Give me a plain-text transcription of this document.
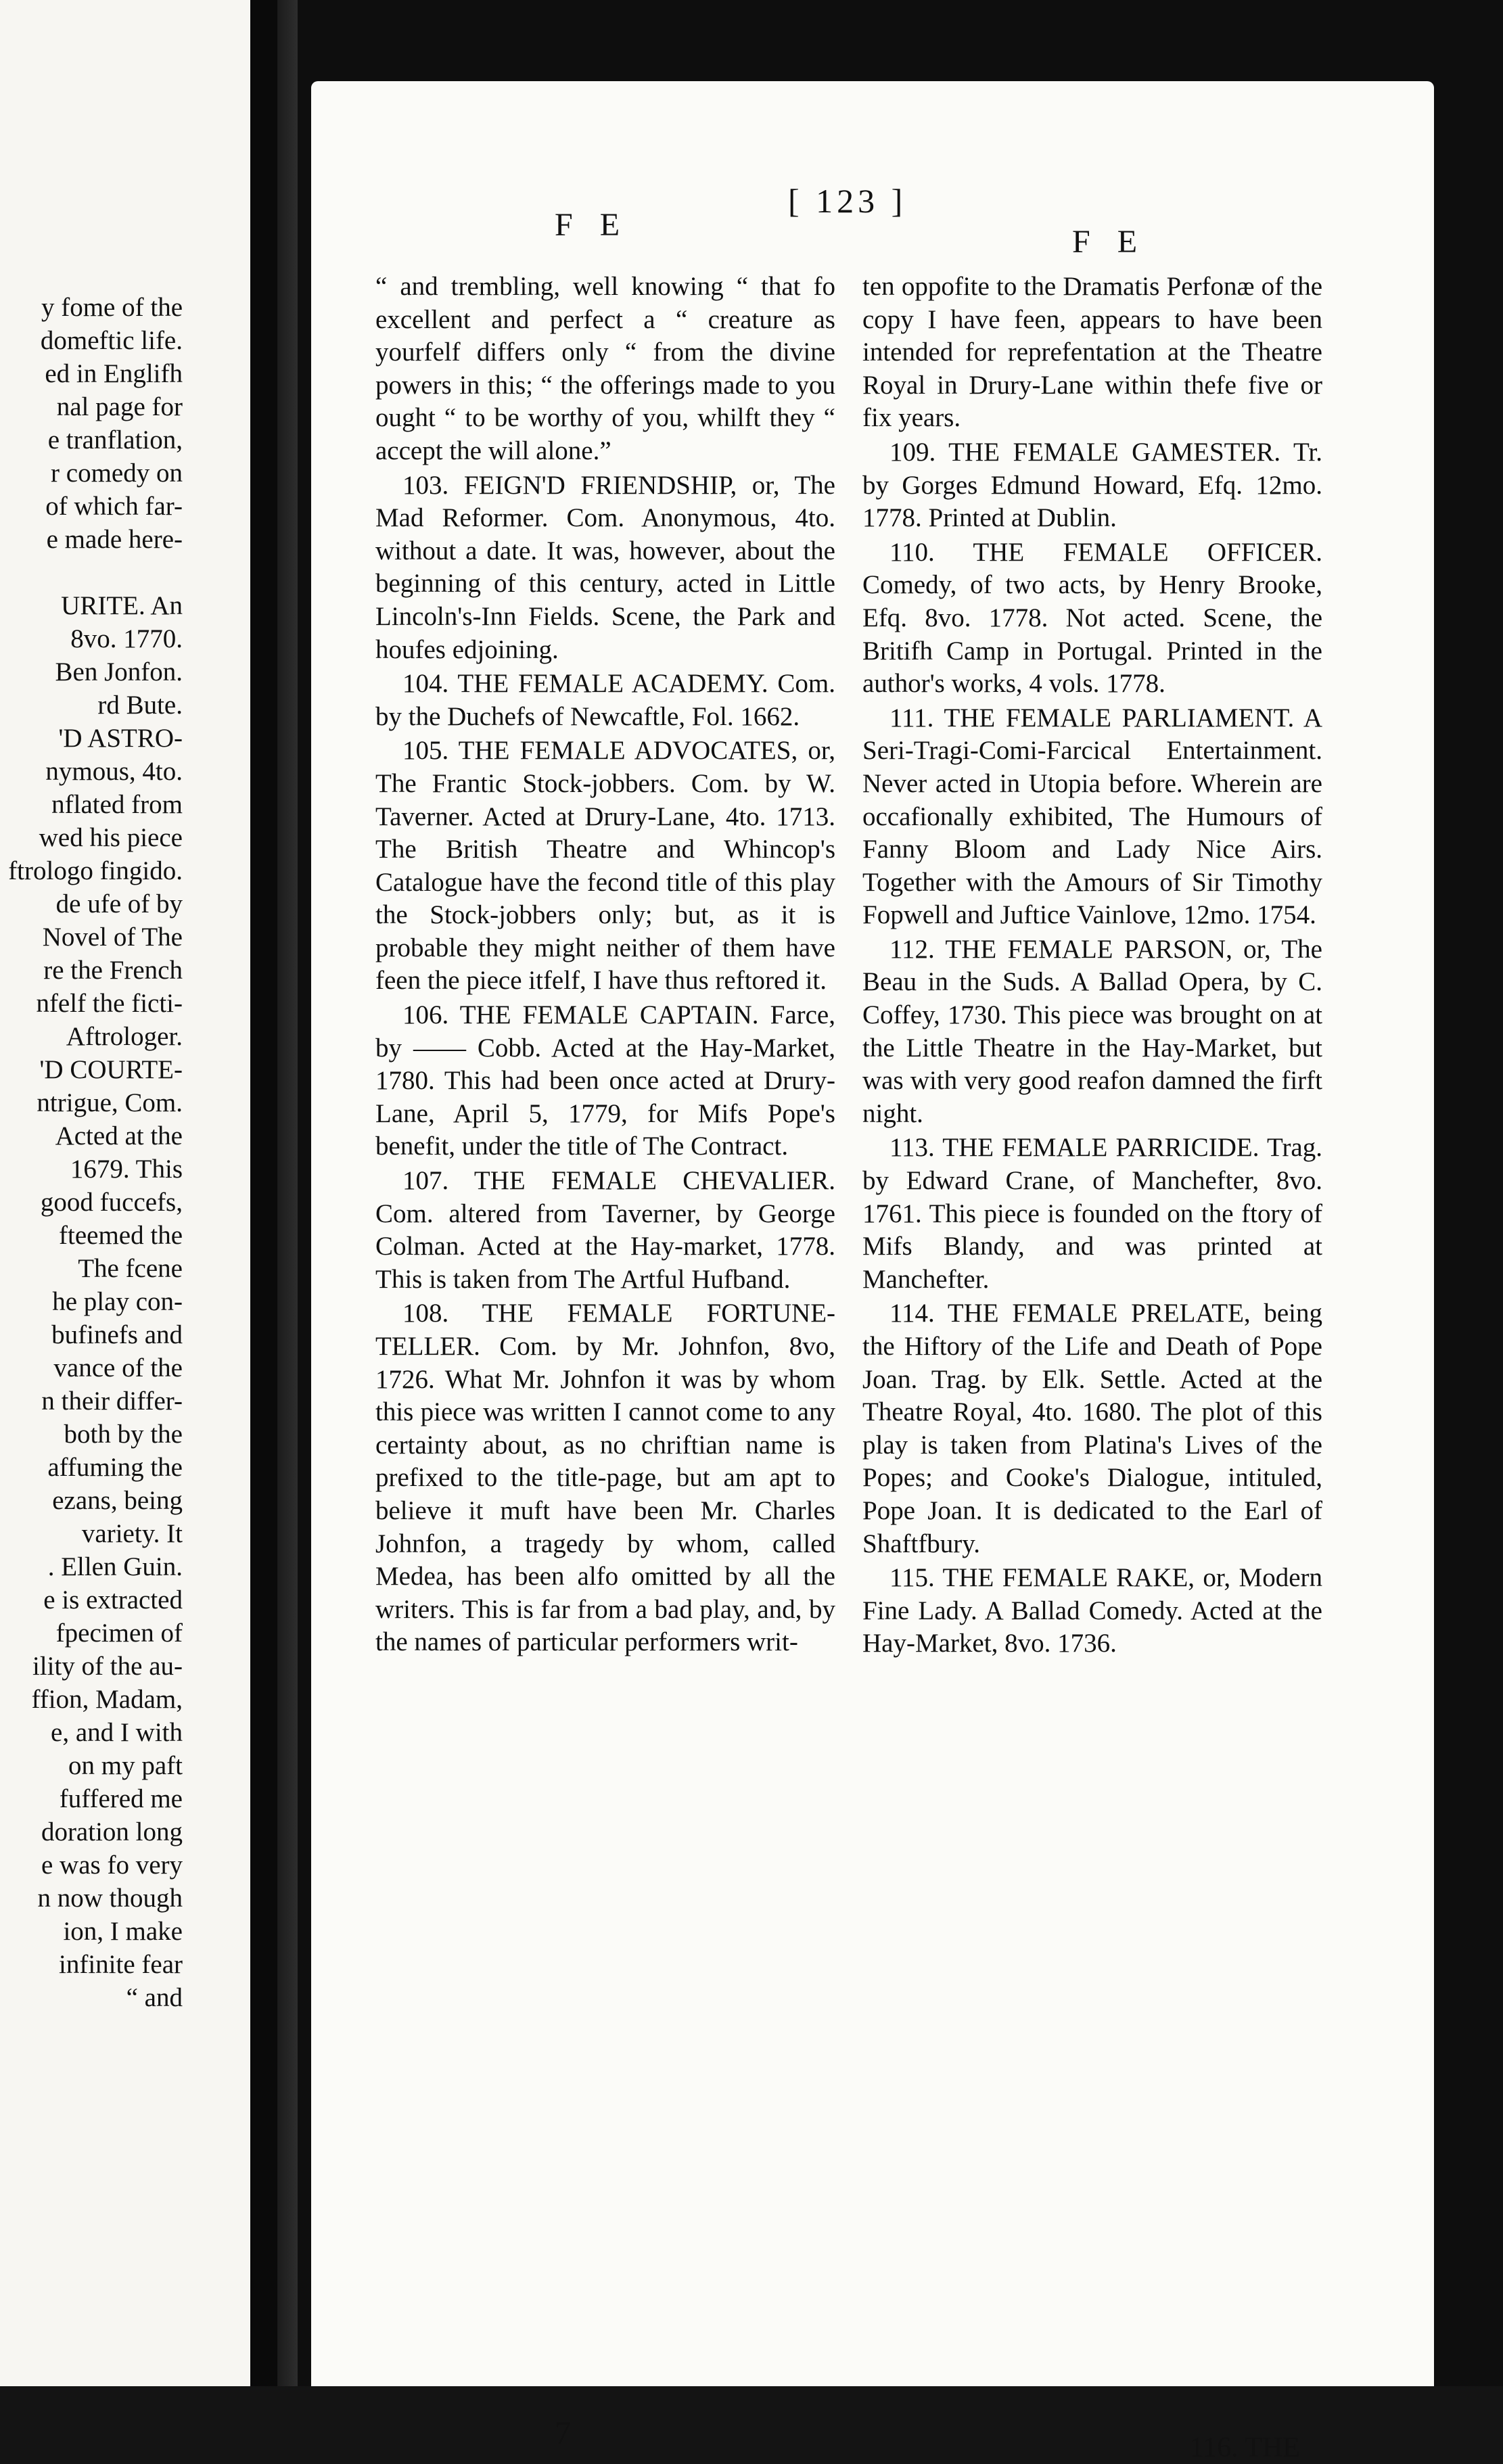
y fome of the
domeftic life.
ed in Englifh
nal page for
e tranflation,
r comedy on
of which far-
e made here-

URITE. An
8vo. 1770.
Ben Jonfon.
rd Bute.
'D ASTRO-
nymous, 4to.
nflated from
wed his piece
ftrologo fingido.
de ufe of by
Novel of The
re the French
nfelf the ficti-
Aftrologer.
'D COURTE-
ntrigue, Com.
Acted at the
1679. This
good fuccefs,
fteemed the
The fcene
he play con-
bufinefs and
vance of the
n their differ-
both by the
affuming the
ezans, being
variety. It
. Ellen Guin.
e is extracted
fpecimen of
ility of the au-
ffion, Madam,
e, and I with
on my paft
fuffered me
doration long
e was fo very
n now though
ion, I make
infinite fear
“ and
[ 123 ]
F E	F E

“ and trembling, well knowing “ that fo excellent and perfect a “ creature as yourfelf differs only “ from the divine powers in this; “ the offerings made to you ought “ to be worthy of you, whilft they “ accept the will alone.”

103. FEIGN'D FRIENDSHIP, or, The Mad Reformer. Com. Anonymous, 4to. without a date. It was, however, about the beginning of this century, acted in Little Lincoln's-Inn Fields. Scene, the Park and houfes edjoining.

104. THE FEMALE ACADEMY. Com. by the Duchefs of Newcaftle, Fol. 1662.

105. THE FEMALE ADVOCATES, or, The Frantic Stock-jobbers. Com. by W. Taverner. Acted at Drury-Lane, 4to. 1713. The British Theatre and Whincop's Catalogue have the fecond title of this play the Stock-jobbers only; but, as it is probable they might neither of them have feen the piece itfelf, I have thus reftored it.

106. THE FEMALE CAPTAIN. Farce, by —— Cobb. Acted at the Hay-Market, 1780. This had been once acted at Drury-Lane, April 5, 1779, for Mifs Pope's benefit, under the title of The Contract.

107. THE FEMALE CHEVALIER. Com. altered from Taverner, by George Colman. Acted at the Hay-market, 1778. This is taken from The Artful Hufband.

108. THE FEMALE FORTUNE-TELLER. Com. by Mr. Johnfon, 8vo, 1726. What Mr. Johnfon it was by whom this piece was written I cannot come to any certainty about, as no chriftian name is prefixed to the title-page, but am apt to believe it muft have been Mr. Charles Johnfon, a tragedy by whom, called Medea, has been alfo omitted by all the writers. This is far from a bad play, and, by the names of particular performers writ-

ten oppofite to the Dramatis Perfonæ of the copy I have feen, appears to have been intended for reprefentation at the Theatre Royal in Drury-Lane within thefe five or fix years.

109. THE FEMALE GAMESTER. Tr. by Gorges Edmund Howard, Efq. 12mo. 1778. Printed at Dublin.

110. THE FEMALE OFFICER. Comedy, of two acts, by Henry Brooke, Efq. 8vo. 1778. Not acted. Scene, the Britifh Camp in Portugal. Printed in the author's works, 4 vols. 1778.

111. THE FEMALE PARLIAMENT. A Seri-Tragi-Comi-Farcical Entertainment. Never acted in Utopia before. Wherein are occafionally exhibited, The Humours of Fanny Bloom and Lady Nice Airs. Together with the Amours of Sir Timothy Fopwell and Juftice Vainlove, 12mo. 1754.

112. THE FEMALE PARSON, or, The Beau in the Suds. A Ballad Opera, by C. Coffey, 1730. This piece was brought on at the Little Theatre in the Hay-Market, but was with very good reafon damned the firft night.

113. THE FEMALE PARRICIDE. Trag. by Edward Crane, of Manchefter, 8vo. 1761. This piece is founded on the ftory of Mifs Blandy, and was printed at Manchefter.

114. THE FEMALE PRELATE, being the Hiftory of the Life and Death of Pope Joan. Trag. by Elk. Settle. Acted at the Theatre Royal, 4to. 1680. The plot of this play is taken from Platina's Lives of the Popes; and Cooke's Dialogue, intituled, Pope Joan. It is dedicated to the Earl of Shaftfbury.

115. THE FEMALE RAKE, or, Modern Fine Lady. A Ballad Comedy. Acted at the Hay-Market, 8vo. 1736.

7	116. THE
